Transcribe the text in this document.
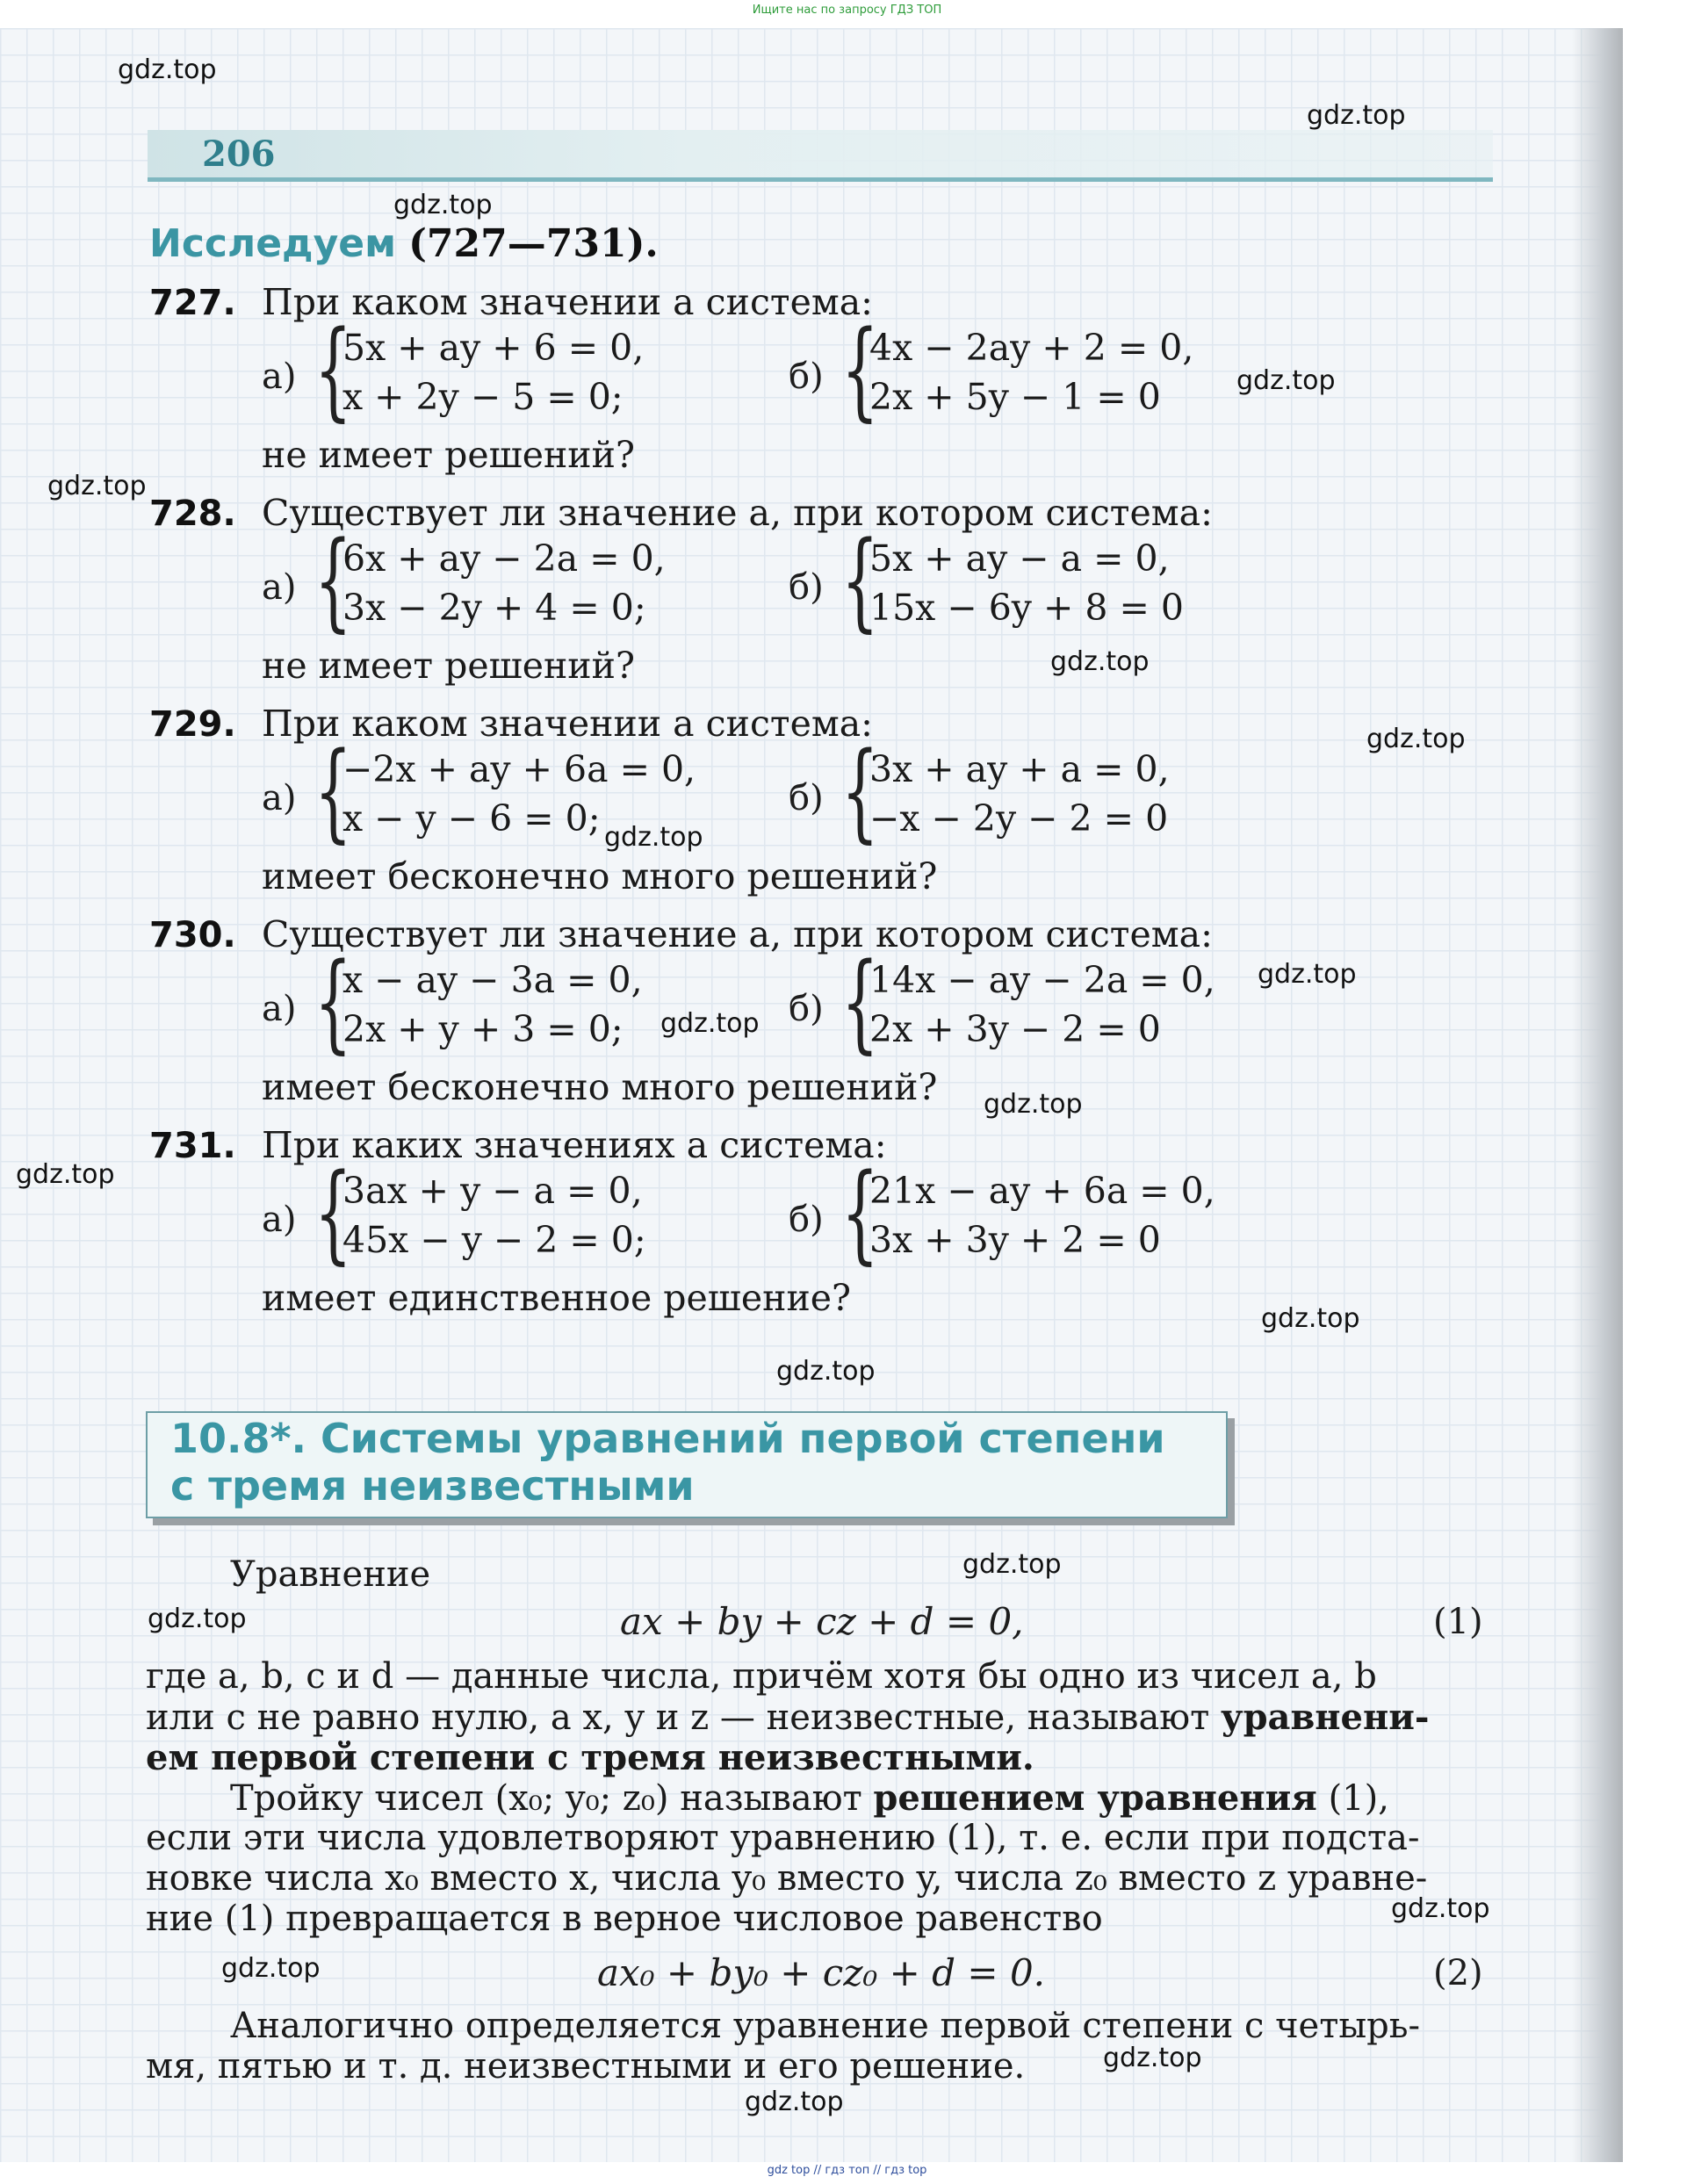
Ищите нас по запросу ГДЗ ТОП
gdz top // гдз топ // гдз top
206
Исследуем (727—731).
727. При каком значении a система:
а) {
5x + ay + 6 = 0,
x + 2y − 5 = 0;	б) {
4x − 2ay + 2 = 0,
2x + 5y − 1 = 0
не имеет решений?
728. Существует ли значение a, при котором система:
а) {
6x + ay − 2a = 0,
3x − 2y + 4 = 0;	б) {
5x + ay − a = 0,
15x − 6y + 8 = 0
не имеет решений?
729. При каком значении a система:
а) {
−2x + ay + 6a = 0,
x − y − 6 = 0;	б) {
3x + ay + a = 0,
−x − 2y − 2 = 0
имеет бесконечно много решений?
730. Существует ли значение a, при котором система:
а) {
x − ay − 3a = 0,
2x + y + 3 = 0;	б) {
14x − ay − 2a = 0,
2x + 3y − 2 = 0
имеет бесконечно много решений?
731. При каких значениях a система:
а) {
3ax + y − a = 0,
45x − y − 2 = 0;	б) {
21x − ay + 6a = 0,
3x + 3y + 2 = 0
имеет единственное решение?
10.8*. Системы уравнений первой степени
с тремя неизвестными
Уравнение
ax + by + cz + d = 0,	(1)
где a, b, c и d — данные числа, причём хотя бы одно из чисел a, b
или c не равно нулю, а x, y и z — неизвестные, называют уравнени-
ем первой степени с тремя неизвестными.
Тройку чисел (x₀; y₀; z₀) называют решением уравнения (1),
если эти числа удовлетворяют уравнению (1), т. е. если при подста-
новке числа x₀ вместо x, числа y₀ вместо y, числа z₀ вместо z уравне-
ние (1) превращается в верное числовое равенство
ax₀ + by₀ + cz₀ + d = 0.	(2)
Аналогично определяется уравнение первой степени с четырь-
мя, пятью и т. д. неизвестными и его решение.
gdz.top
gdz.top
gdz.top
gdz.top
gdz.top
gdz.top
gdz.top
gdz.top
gdz.top
gdz.top
gdz.top
gdz.top
gdz.top
gdz.top
gdz.top
gdz.top
gdz.top
gdz.top
gdz.top
gdz.top
